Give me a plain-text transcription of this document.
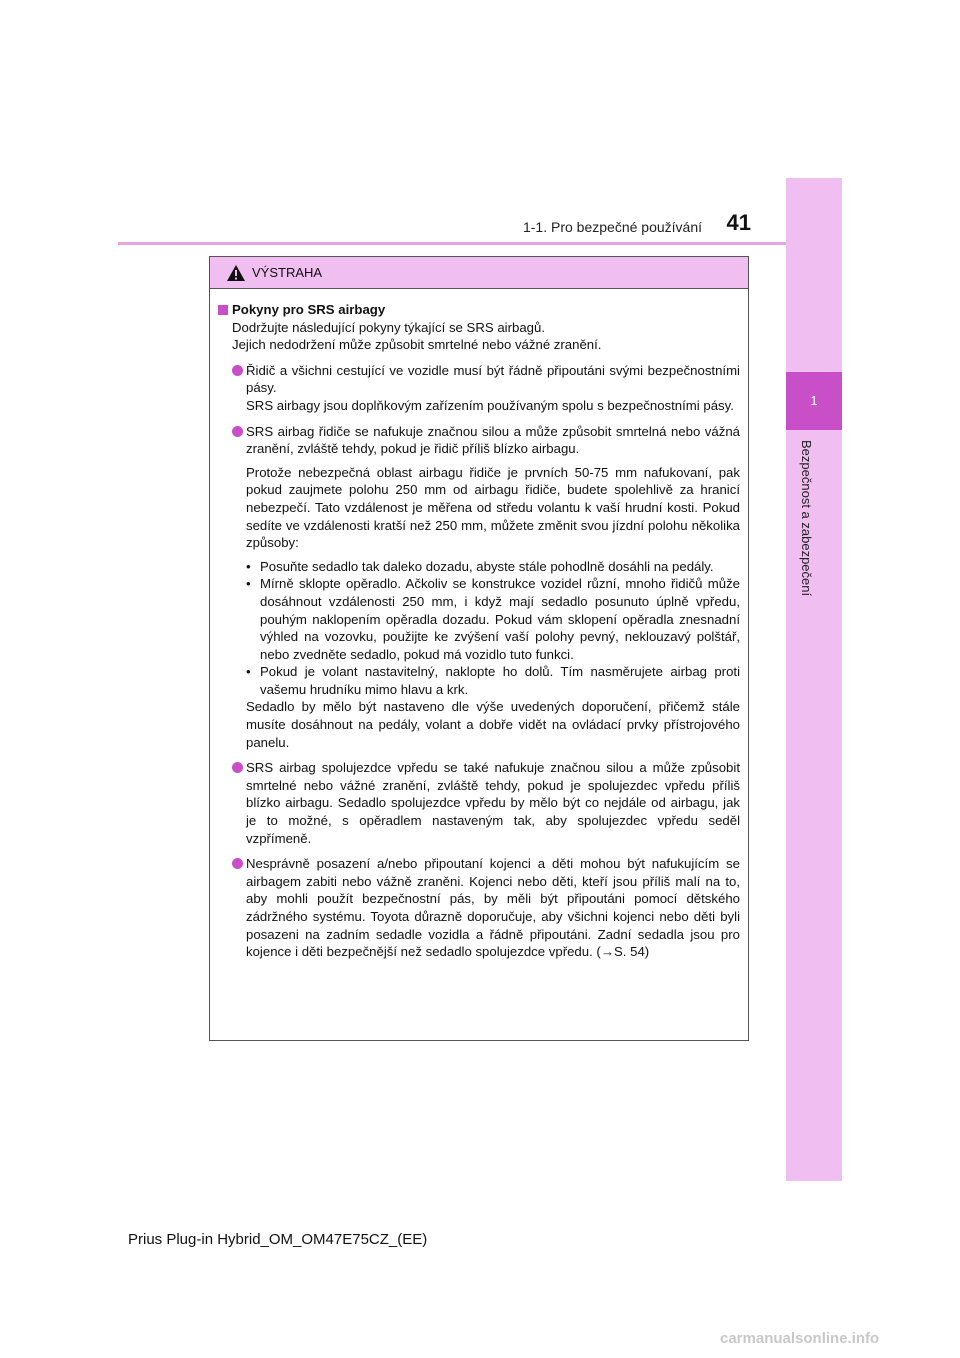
1-1. Pro bezpečné používání	41
1
Bezpečnost a zabezpečení
VÝSTRAHA
Pokyny pro SRS airbagy
Dodržujte následující pokyny týkající se SRS airbagů.
Jejich nedodržení může způsobit smrtelné nebo vážné zranění.
Řidič a všichni cestující ve vozidle musí být řádně připoutáni svými bezpečnostními pásy.
SRS airbagy jsou doplňkovým zařízením používaným spolu s bezpečnostními pásy.
SRS airbag řidiče se nafukuje značnou silou a může způsobit smrtelná nebo vážná zranění, zvláště tehdy, pokud je řidič příliš blízko airbagu.
Protože nebezpečná oblast airbagu řidiče je prvních 50-75 mm nafukovaní, pak pokud zaujmete polohu 250 mm od airbagu řidiče, budete spolehlivě za hranicí nebezpečí. Tato vzdálenost je měřena od středu volantu k vaší hrudní kosti. Pokud sedíte ve vzdálenosti kratší než 250 mm, můžete změnit svou jízdní polohu několika způsoby:
• Posuňte sedadlo tak daleko dozadu, abyste stále pohodlně dosáhli na pedály.
• Mírně sklopte opěradlo. Ačkoliv se konstrukce vozidel různí, mnoho řidičů může dosáhnout vzdálenosti 250 mm, i když mají sedadlo posunuto úplně vpředu, pouhým naklopením opěradla dozadu. Pokud vám sklopení opěradla znesnadní výhled na vozovku, použijte ke zvýšení vaší polohy pevný, neklouzavý polštář, nebo zvedněte sedadlo, pokud má vozidlo tuto funkci.
• Pokud je volant nastavitelný, naklopte ho dolů. Tím nasměrujete airbag proti vašemu hrudníku mimo hlavu a krk.
Sedadlo by mělo být nastaveno dle výše uvedených doporučení, přičemž stále musíte dosáhnout na pedály, volant a dobře vidět na ovládací prvky přístrojového panelu.
SRS airbag spolujezdce vpředu se také nafukuje značnou silou a může způsobit smrtelné nebo vážné zranění, zvláště tehdy, pokud je spolujezdec vpředu příliš blízko airbagu. Sedadlo spolujezdce vpředu by mělo být co nejdále od airbagu, jak je to možné, s opěradlem nastaveným tak, aby spolujezdec vpředu seděl vzpřímeně.
Nesprávně posazení a/nebo připoutaní kojenci a děti mohou být nafukujícím se airbagem zabiti nebo vážně zraněni. Kojenci nebo děti, kteří jsou příliš malí na to, aby mohli použít bezpečnostní pás, by měli být připoutáni pomocí dětského zádržného systému. Toyota důrazně doporučuje, aby všichni kojenci nebo děti byli posazeni na zadním sedadle vozidla a řádně připoutáni. Zadní sedadla jsou pro kojence i děti bezpečnější než sedadlo spolujezdce vpředu. (→S. 54)
Prius Plug-in Hybrid_OM_OM47E75CZ_(EE)
carmanualsonline.info
